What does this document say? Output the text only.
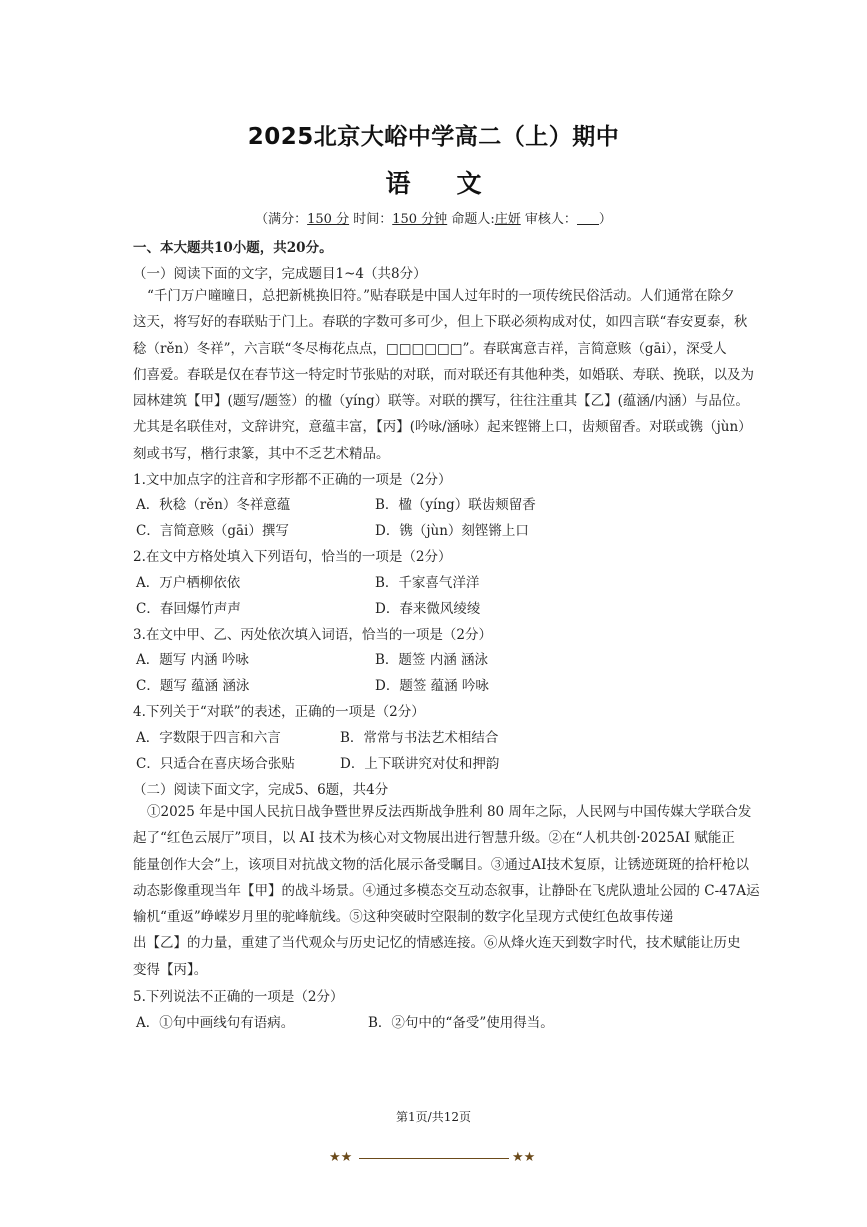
2025北京大峪中学高二（上）期中
语 文
（满分：150 分 时间：150 分钟 命题人:庄妍 审核人： ）
一、本大题共10小题，共20分。
（一）阅读下面的文字，完成题目1~4（共8分）
“千门万户曈曈日，总把新桃换旧符。”贴春联是中国人过年时的一项传统民俗活动。人们通常在除夕
这天，将写好的春联贴于门上。春联的字数可多可少，但上下联必须构成对仗，如四言联“春安夏泰，秋
稔（rěn）冬祥”，六言联“冬尽梅花点点，□□□□□□”。春联寓意吉祥，言简意赅（gāi），深受人
们喜爱。春联是仅在春节这一特定时节张贴的对联，而对联还有其他种类，如婚联、寿联、挽联，以及为
园林建筑【甲】(题写/题签）的楹（yíng）联等。对联的撰写，往往注重其【乙】(蕴涵/内涵）与品位。
尤其是名联佳对，文辞讲究，意蕴丰富，【丙】(吟咏/涵咏）起来铿锵上口，齿颊留香。对联或镌（jùn）
刻或书写，楷行隶篆，其中不乏艺术精品。
1.文中加点字的注音和字形都不正确的一项是（2分）
A．秋稔（rěn）冬祥意蕴	B．楹（yíng）联齿颊留香
C．言简意赅（gāi）撰写	D．镌（jùn）刻铿锵上口
2.在文中方格处填入下列语句，恰当的一项是（2分）
A．万户栖柳依依	B．千家喜气洋洋
C．春回爆竹声声	D．春来微风绫绫
3.在文中甲、乙、丙处依次填入词语，恰当的一项是（2分）
A．题写 内涵 吟咏	B．题签 内涵 涵泳
C．题写 蕴涵 涵泳	D．题签 蕴涵 吟咏
4.下列关于“对联”的表述，正确的一项是（2分）
A．字数限于四言和六言	B．常常与书法艺术相结合
C．只适合在喜庆场合张贴	D．上下联讲究对仗和押韵
（二）阅读下面文字，完成5、6题，共4分
①2025 年是中国人民抗日战争暨世界反法西斯战争胜利 80 周年之际，人民网与中国传媒大学联合发
起了“红色云展厅”项目，以 AI 技术为核心对文物展出进行智慧升级。②在“人机共创·2025AI 赋能正
能量创作大会”上，该项目对抗战文物的活化展示备受瞩目。③通过AI技术复原，让锈迹斑斑的拾杆枪以
动态影像重现当年【甲】的战斗场景。④通过多模态交互动态叙事，让静卧在飞虎队遗址公园的 C-47A运
输机“重返”峥嵘岁月里的驼峰航线。⑤这种突破时空限制的数字化呈现方式使红色故事传递
出【乙】的力量，重建了当代观众与历史记忆的情感连接。⑥从烽火连天到数字时代，技术赋能让历史
变得【丙】。
5.下列说法不正确的一项是（2分）
A．①句中画线句有语病。	B．②句中的“备受”使用得当。
第1页/共12页
★★	★★
